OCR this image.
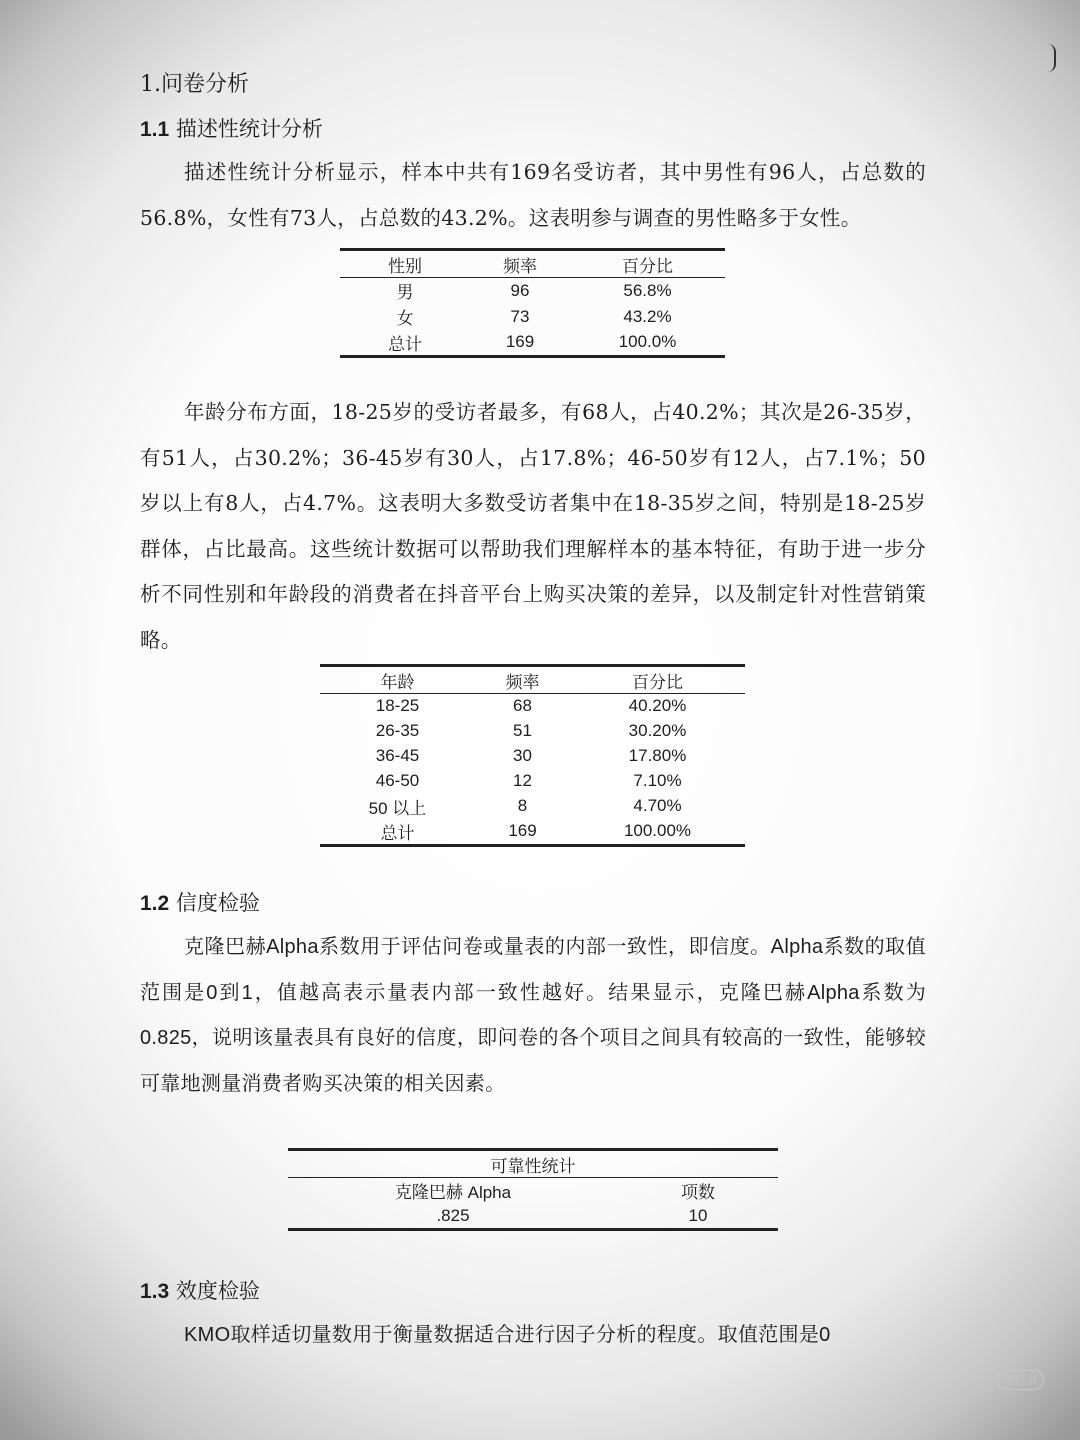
1.问卷分析
1.1 描述性统计分析

描述性统计分析显示，样本中共有169名受访者，其中男性有96人，占总数的56.8%，女性有73人，占总数的43.2%。这表明参与调查的男性略多于女性。

性别	频率	百分比
男	96	56.8%
女	73	43.2%
总计	169	100.0%

年龄分布方面，18-25岁的受访者最多，有68人，占40.2%；其次是26-35岁，有51人，占30.2%；36-45岁有30人，占17.8%；46-50岁有12人，占7.1%；50岁以上有8人，占4.7%。这表明大多数受访者集中在18-35岁之间，特别是18-25岁群体，占比最高。这些统计数据可以帮助我们理解样本的基本特征，有助于进一步分析不同性别和年龄段的消费者在抖音平台上购买决策的差异，以及制定针对性营销策略。

年龄	频率	百分比
18-25	68	40.20%
26-35	51	30.20%
36-45	30	17.80%
46-50	12	7.10%
50 以上	8	4.70%
总计	169	100.00%
1.2 信度检验

克隆巴赫Alpha系数用于评估问卷或量表的内部一致性，即信度。Alpha系数的取值范围是0到1，值越高表示量表内部一致性越好。结果显示，克隆巴赫Alpha系数为0.825，说明该量表具有良好的信度，即问卷的各个项目之间具有较高的一致性，能够较可靠地测量消费者购买决策的相关因素。

可靠性统计	
克隆巴赫 Alpha	项数
.825	10
1.3 效度检验

KMO取样适切量数用于衡量数据适合进行因子分析的程度。取值范围是0

小红书
